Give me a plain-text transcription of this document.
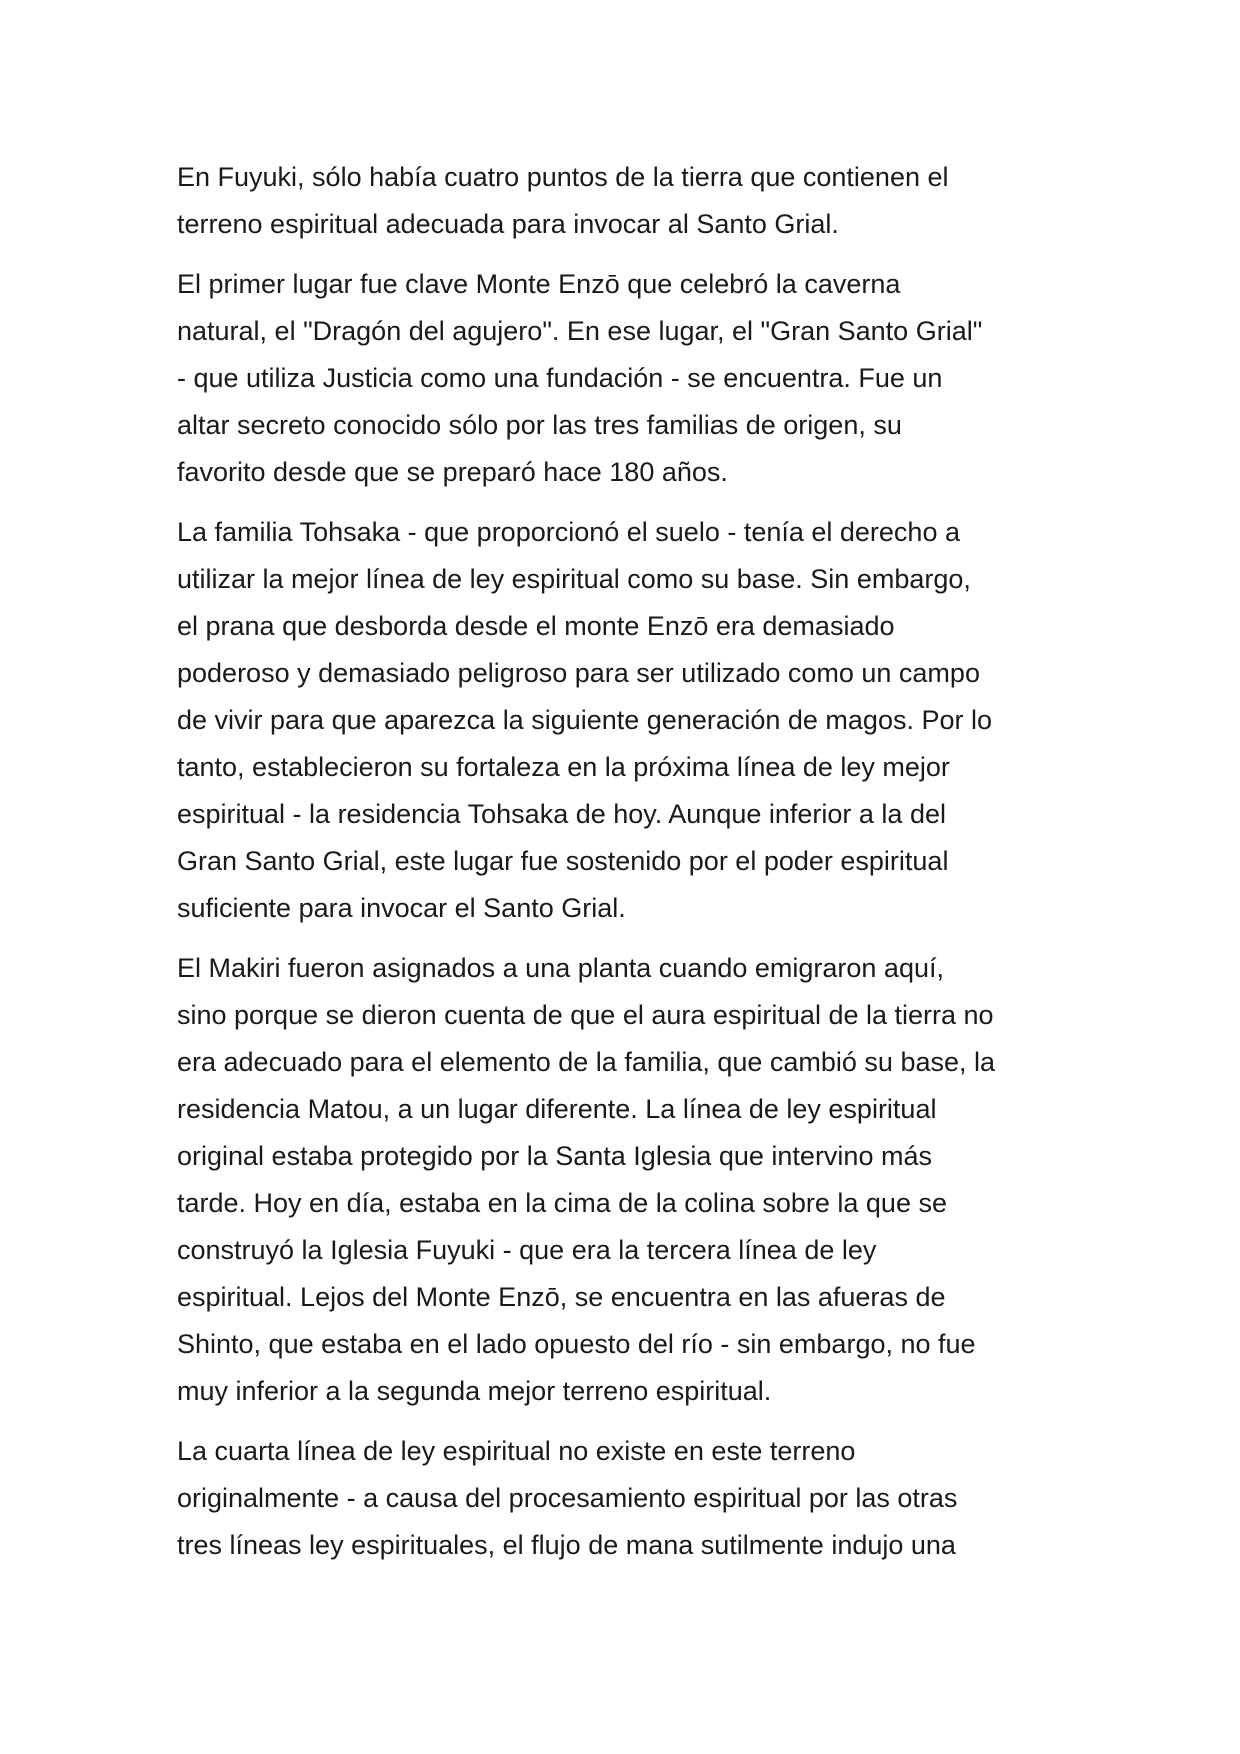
En Fuyuki, sólo había cuatro puntos de la tierra que contienen el
terreno espiritual adecuada para invocar al Santo Grial.

El primer lugar fue clave Monte Enzō que celebró la caverna
natural, el "Dragón del agujero". En ese lugar, el "Gran Santo Grial"
- que utiliza Justicia como una fundación - se encuentra. Fue un
altar secreto conocido sólo por las tres familias de origen, su
favorito desde que se preparó hace 180 años.

La familia Tohsaka - que proporcionó el suelo - tenía el derecho a
utilizar la mejor línea de ley espiritual como su base. Sin embargo,
el prana que desborda desde el monte Enzō era demasiado
poderoso y demasiado peligroso para ser utilizado como un campo
de vivir para que aparezca la siguiente generación de magos. Por lo
tanto, establecieron su fortaleza en la próxima línea de ley mejor
espiritual - la residencia Tohsaka de hoy. Aunque inferior a la del
Gran Santo Grial, este lugar fue sostenido por el poder espiritual
suficiente para invocar el Santo Grial.

El Makiri fueron asignados a una planta cuando emigraron aquí,
sino porque se dieron cuenta de que el aura espiritual de la tierra no
era adecuado para el elemento de la familia, que cambió su base, la
residencia Matou, a un lugar diferente. La línea de ley espiritual
original estaba protegido por la Santa Iglesia que intervino más
tarde. Hoy en día, estaba en la cima de la colina sobre la que se
construyó la Iglesia Fuyuki - que era la tercera línea de ley
espiritual. Lejos del Monte Enzō, se encuentra en las afueras de
Shinto, que estaba en el lado opuesto del río - sin embargo, no fue
muy inferior a la segunda mejor terreno espiritual.

La cuarta línea de ley espiritual no existe en este terreno
originalmente - a causa del procesamiento espiritual por las otras
tres líneas ley espirituales, el flujo de mana sutilmente indujo una
